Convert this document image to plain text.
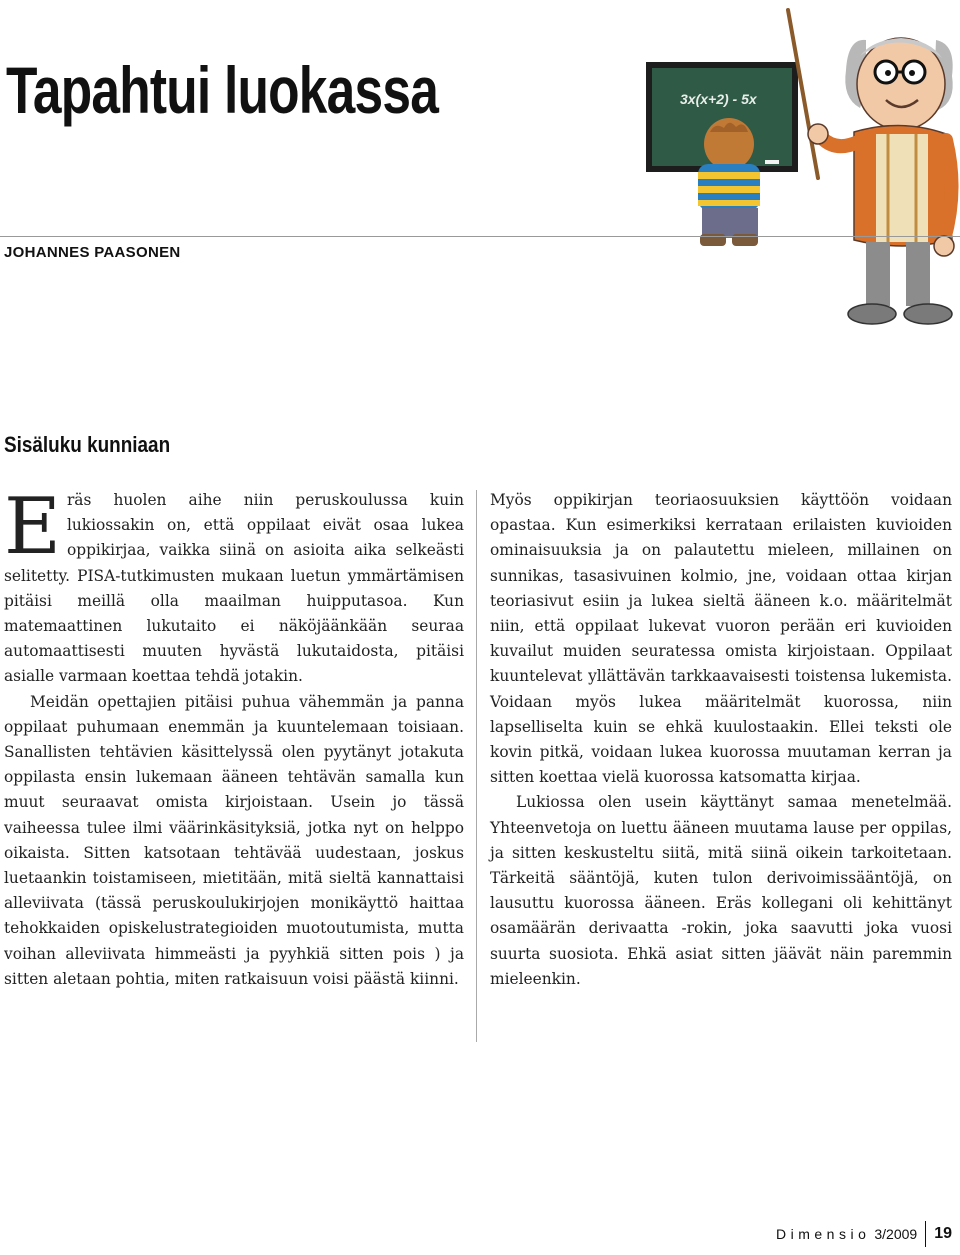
Tapahtui luokassa	3x(x+2) - 5x
JOHANNES PAASONEN
Sisäluku kunniaan

Eräs huolen aihe niin peruskoulussa kuin lukiossakin on, että oppilaat eivät osaa lukea oppikirjaa, vaikka siinä on asioita aika selkeästi selitetty. PISA-tutkimusten mukaan luetun ymmärtämisen pitäisi meillä olla maailman huipputasoa. Kun matemaattinen lukutaito ei näköjäänkään seuraa automaattisesti muuten hyvästä lukutaidosta, pitäisi asialle varmaan koettaa tehdä jotakin.

Meidän opettajien pitäisi puhua vähemmän ja panna oppilaat puhumaan enemmän ja kuuntelemaan toisiaan. Sanallisten tehtävien käsittelyssä olen pyytänyt jotakuta oppilasta ensin lukemaan ääneen tehtävän samalla kun muut seuraavat omista kirjoistaan. Usein jo tässä vaiheessa tulee ilmi väärinkäsityksiä, jotka nyt on helppo oikaista. Sitten katsotaan tehtävää uudestaan, joskus luetaankin toistamiseen, mietitään, mitä sieltä kannattaisi alleviivata (tässä peruskoulukirjojen monikäyttö haittaa tehokkaiden opiskelustrategioiden muotoutumista, mutta voihan alleviivata himmeästi ja pyyhkiä sitten pois ) ja sitten aletaan pohtia, miten ratkaisuun voisi päästä kiinni.

Myös oppikirjan teoriaosuuksien käyttöön voidaan opastaa. Kun esimerkiksi kerrataan erilaisten kuvioiden ominaisuuksia ja on palautettu mieleen, millainen on sunnikas, tasasivuinen kolmio, jne, voidaan ottaa kirjan teoriasivut esiin ja lukea sieltä ääneen k.o. määritelmät niin, että oppilaat lukevat vuoron perään eri kuvioiden kuvailut muiden seuratessa omista kirjoistaan. Oppilaat kuuntelevat yllättävän tarkkaavaisesti toistensa lukemista. Voidaan myös lukea määritelmät kuorossa, niin lapselliselta kuin se ehkä kuulostaakin. Ellei teksti ole kovin pitkä, voidaan lukea kuorossa muutaman kerran ja sitten koettaa vielä kuorossa katsomatta kirjaa.

Lukiossa olen usein käyttänyt samaa menetelmää. Yhteenvetoja on luettu ääneen muutama lause per oppilas, ja sitten keskusteltu siitä, mitä siinä oikein tarkoitetaan. Tärkeitä sääntöjä, kuten tulon derivoimissääntöjä, on lausuttu kuorossa ääneen. Eräs kollegani oli kehittänyt osamäärän derivaatta -rokin, joka saavutti joka vuosi suurta suosiota. Ehkä asiat sitten jäävät näin paremmin mieleenkin.

Dimensio 3/2009 19
